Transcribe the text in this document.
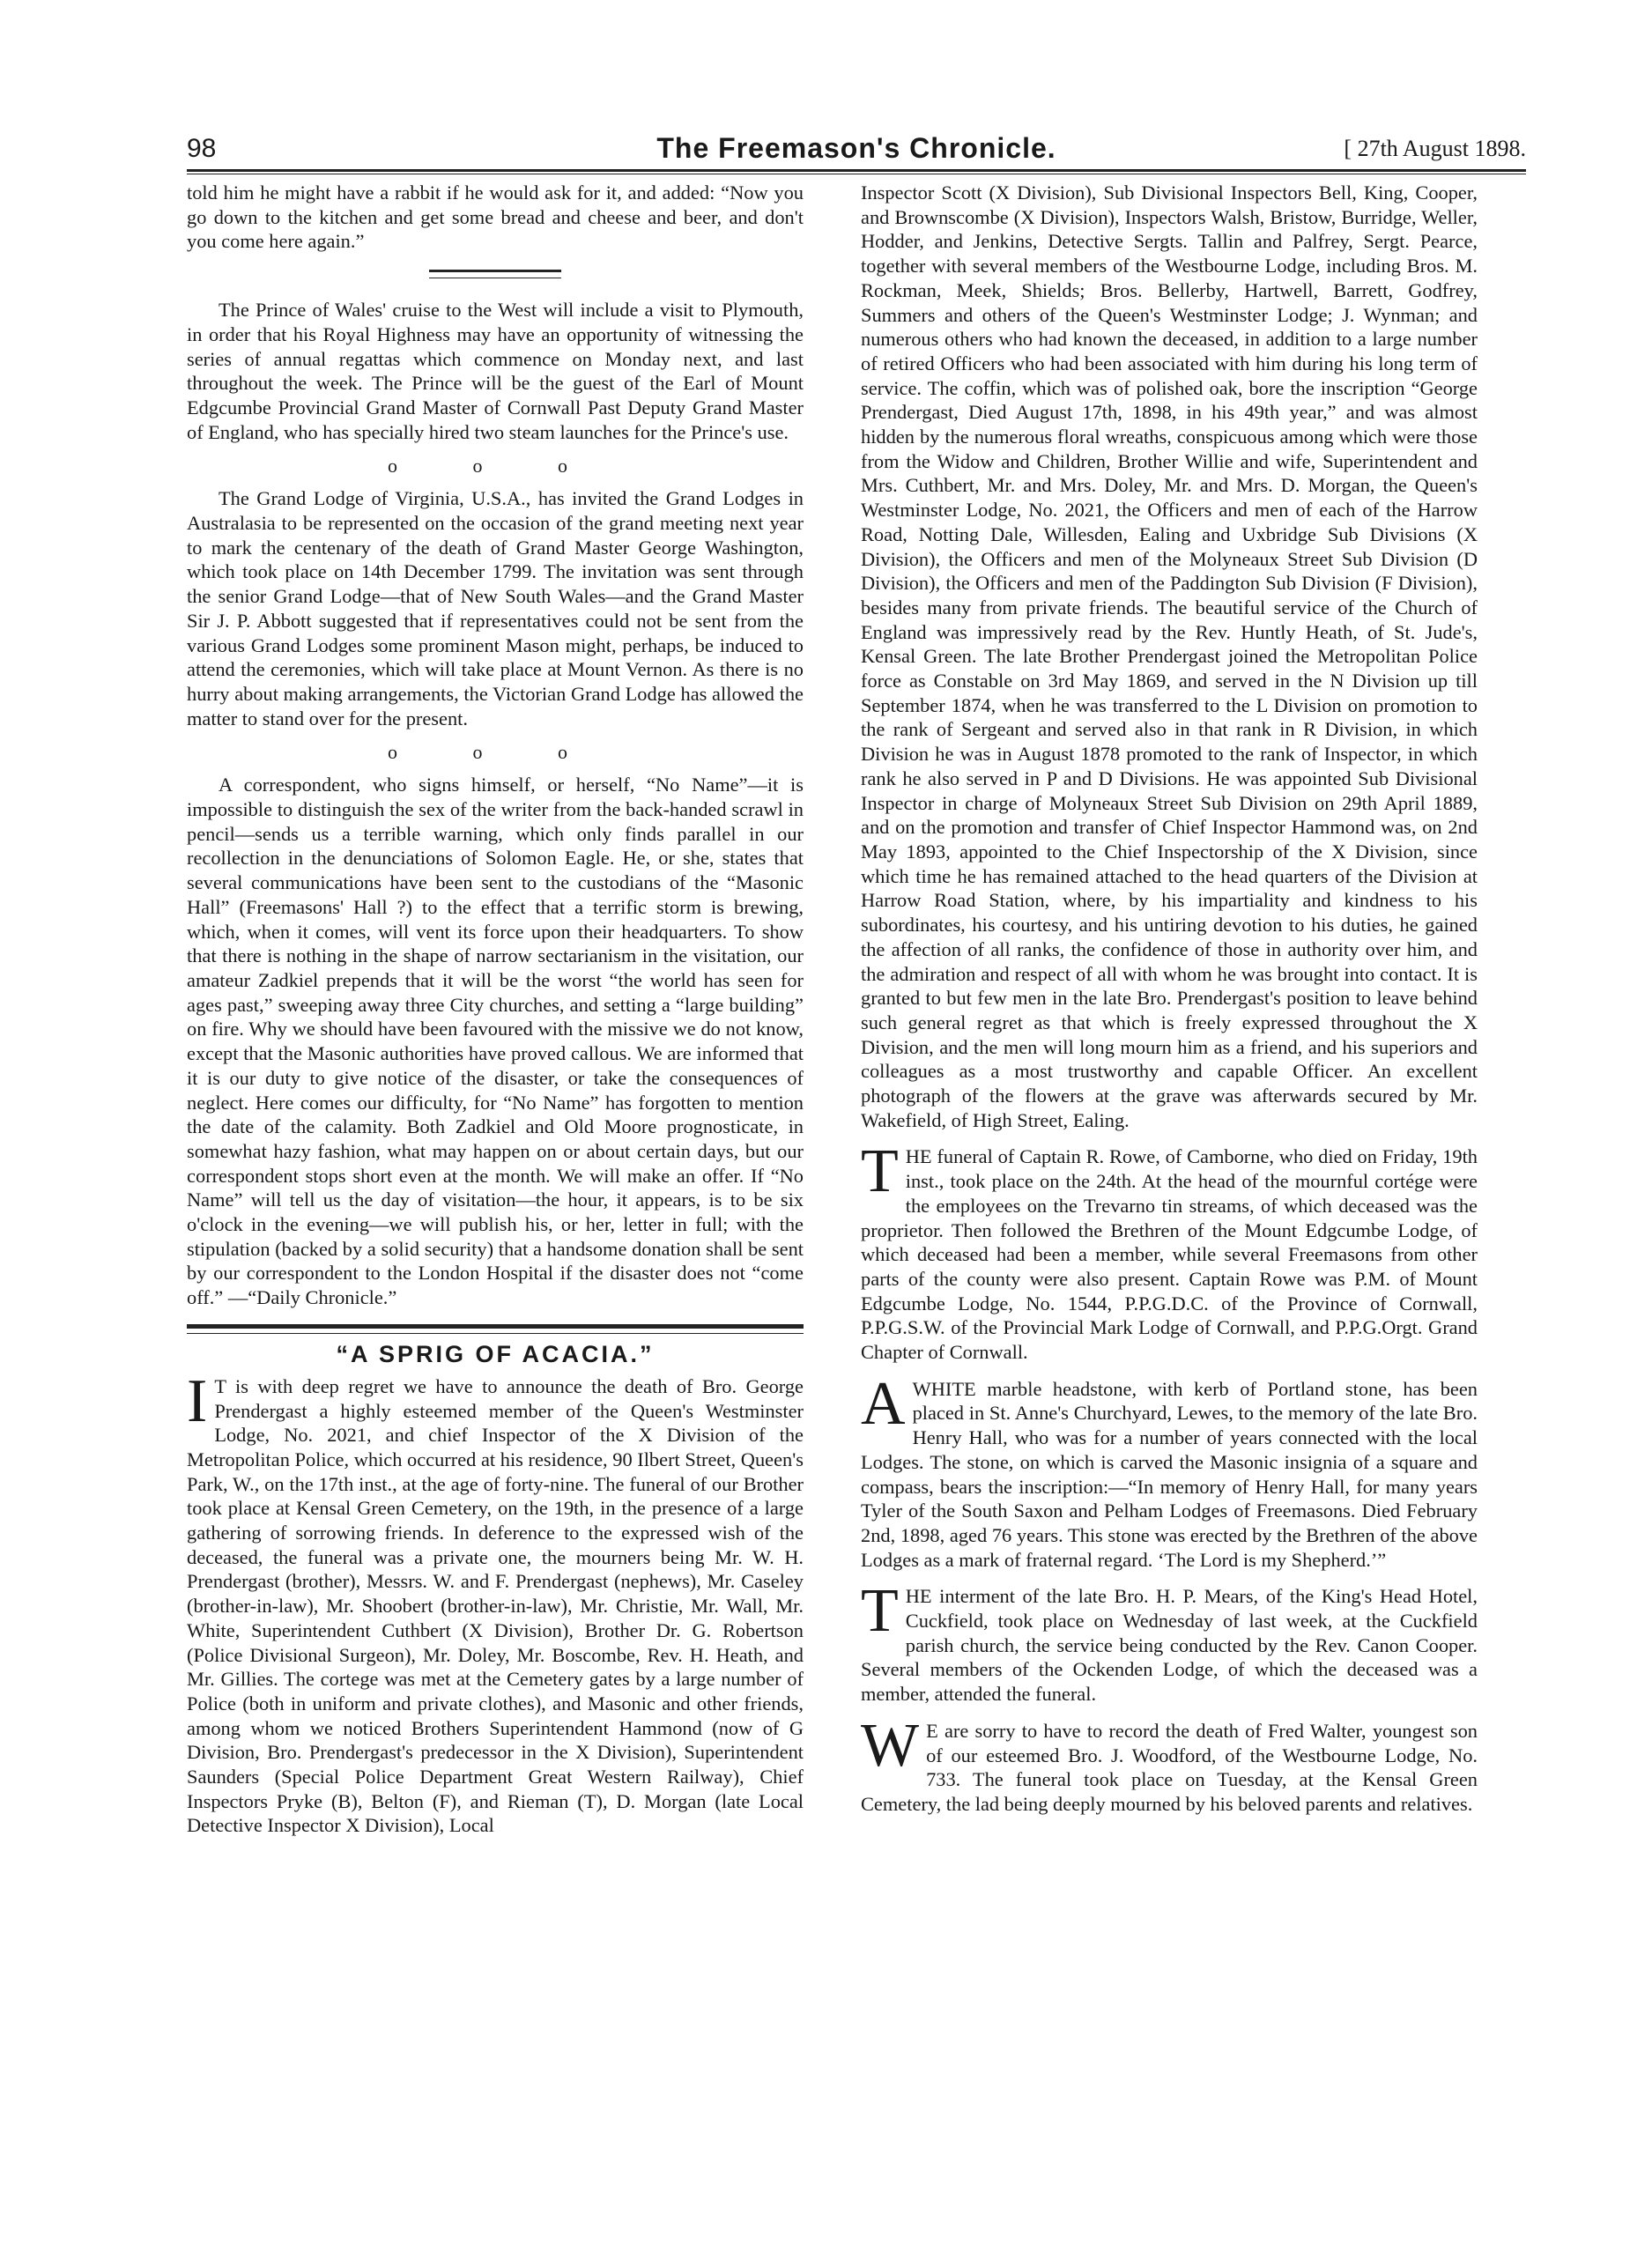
98	The Freemason's Chronicle.	[ 27th August 1898.

told him he might have a rabbit if he would ask for it, and added: “Now you go down to the kitchen and get some bread and cheese and beer, and don't you come here again.”

The Prince of Wales' cruise to the West will include a visit to Plymouth, in order that his Royal Highness may have an opportunity of witnessing the series of annual regattas which commence on Monday next, and last throughout the week. The Prince will be the guest of the Earl of Mount Edgcumbe Provincial Grand Master of Cornwall Past Deputy Grand Master of England, who has specially hired two steam launches for the Prince's use.

o o o

The Grand Lodge of Virginia, U.S.A., has invited the Grand Lodges in Australasia to be represented on the occasion of the grand meeting next year to mark the centenary of the death of Grand Master George Washington, which took place on 14th December 1799. The invitation was sent through the senior Grand Lodge—that of New South Wales—and the Grand Master Sir J. P. Abbott suggested that if representatives could not be sent from the various Grand Lodges some prominent Mason might, perhaps, be induced to attend the ceremonies, which will take place at Mount Vernon. As there is no hurry about making arrangements, the Victorian Grand Lodge has allowed the matter to stand over for the present.

o o o

A correspondent, who signs himself, or herself, “No Name”—it is impossible to distinguish the sex of the writer from the back-handed scrawl in pencil—sends us a terrible warning, which only finds parallel in our recollection in the denunciations of Solomon Eagle. He, or she, states that several communications have been sent to the custodians of the “Masonic Hall” (Freemasons' Hall ?) to the effect that a terrific storm is brewing, which, when it comes, will vent its force upon their headquarters. To show that there is nothing in the shape of narrow sectarianism in the visitation, our amateur Zadkiel prepends that it will be the worst “the world has seen for ages past,” sweeping away three City churches, and setting a “large building” on fire. Why we should have been favoured with the missive we do not know, except that the Masonic authorities have proved callous. We are informed that it is our duty to give notice of the disaster, or take the consequences of neglect. Here comes our difficulty, for “No Name” has forgotten to mention the date of the calamity. Both Zadkiel and Old Moore prognosticate, in somewhat hazy fashion, what may happen on or about certain days, but our correspondent stops short even at the month. We will make an offer. If “No Name” will tell us the day of visitation—the hour, it appears, is to be six o'clock in the evening—we will publish his, or her, letter in full; with the stipulation (backed by a solid security) that a handsome donation shall be sent by our correspondent to the London Hospital if the disaster does not “come off.” —“Daily Chronicle.”

“A SPRIG OF ACACIA.”

I T is with deep regret we have to announce the death of Bro. George Prendergast a highly esteemed member of the Queen's Westminster Lodge, No. 2021, and chief Inspector of the X Division of the Metropolitan Police, which occurred at his residence, 90 Ilbert Street, Queen's Park, W., on the 17th inst., at the age of forty-nine. The funeral of our Brother took place at Kensal Green Cemetery, on the 19th, in the presence of a large gathering of sorrowing friends. In deference to the expressed wish of the deceased, the funeral was a private one, the mourners being Mr. W. H. Prendergast (brother), Messrs. W. and F. Prendergast (nephews), Mr. Caseley (brother-in-law), Mr. Shoobert (brother-in-law), Mr. Christie, Mr. Wall, Mr. White, Superintendent Cuthbert (X Division), Brother Dr. G. Robertson (Police Divisional Surgeon), Mr. Doley, Mr. Boscombe, Rev. H. Heath, and Mr. Gillies. The cortege was met at the Cemetery gates by a large number of Police (both in uniform and private clothes), and Masonic and other friends, among whom we noticed Brothers Superintendent Hammond (now of G Division, Bro. Prendergast's predecessor in the X Division), Superintendent Saunders (Special Police Department Great Western Railway), Chief Inspectors Pryke (B), Belton (F), and Rieman (T), D. Morgan (late Local Detective Inspector X Division), Local

Inspector Scott (X Division), Sub Divisional Inspectors Bell, King, Cooper, and Brownscombe (X Division), Inspectors Walsh, Bristow, Burridge, Weller, Hodder, and Jenkins, Detective Sergts. Tallin and Palfrey, Sergt. Pearce, together with several members of the Westbourne Lodge, including Bros. M. Rockman, Meek, Shields; Bros. Bellerby, Hartwell, Barrett, Godfrey, Summers and others of the Queen's Westminster Lodge; J. Wynman; and numerous others who had known the deceased, in addition to a large number of retired Officers who had been associated with him during his long term of service. The coffin, which was of polished oak, bore the inscription “George Prendergast, Died August 17th, 1898, in his 49th year,” and was almost hidden by the numerous floral wreaths, conspicuous among which were those from the Widow and Children, Brother Willie and wife, Superintendent and Mrs. Cuthbert, Mr. and Mrs. Doley, Mr. and Mrs. D. Morgan, the Queen's Westminster Lodge, No. 2021, the Officers and men of each of the Harrow Road, Notting Dale, Willesden, Ealing and Uxbridge Sub Divisions (X Division), the Officers and men of the Molyneaux Street Sub Division (D Division), the Officers and men of the Paddington Sub Division (F Division), besides many from private friends. The beautiful service of the Church of England was impressively read by the Rev. Huntly Heath, of St. Jude's, Kensal Green. The late Brother Prendergast joined the Metropolitan Police force as Constable on 3rd May 1869, and served in the N Division up till September 1874, when he was transferred to the L Division on promotion to the rank of Sergeant and served also in that rank in R Division, in which Division he was in August 1878 promoted to the rank of Inspector, in which rank he also served in P and D Divisions. He was appointed Sub Divisional Inspector in charge of Molyneaux Street Sub Division on 29th April 1889, and on the promotion and transfer of Chief Inspector Hammond was, on 2nd May 1893, appointed to the Chief Inspectorship of the X Division, since which time he has remained attached to the head quarters of the Division at Harrow Road Station, where, by his impartiality and kindness to his subordinates, his courtesy, and his untiring devotion to his duties, he gained the affection of all ranks, the confidence of those in authority over him, and the admiration and respect of all with whom he was brought into contact. It is granted to but few men in the late Bro. Prendergast's position to leave behind such general regret as that which is freely expressed throughout the X Division, and the men will long mourn him as a friend, and his superiors and colleagues as a most trustworthy and capable Officer. An excellent photograph of the flowers at the grave was afterwards secured by Mr. Wakefield, of High Street, Ealing.

THE funeral of Captain R. Rowe, of Camborne, who died on Friday, 19th inst., took place on the 24th. At the head of the mournful cortége were the employees on the Trevarno tin streams, of which deceased was the proprietor. Then followed the Brethren of the Mount Edgcumbe Lodge, of which deceased had been a member, while several Freemasons from other parts of the county were also present. Captain Rowe was P.M. of Mount Edgcumbe Lodge, No. 1544, P.P.G.D.C. of the Province of Cornwall, P.P.G.S.W. of the Provincial Mark Lodge of Cornwall, and P.P.G.Orgt. Grand Chapter of Cornwall.

AWHITE marble headstone, with kerb of Portland stone, has been placed in St. Anne's Churchyard, Lewes, to the memory of the late Bro. Henry Hall, who was for a number of years connected with the local Lodges. The stone, on which is carved the Masonic insignia of a square and compass, bears the inscription:—“In memory of Henry Hall, for many years Tyler of the South Saxon and Pelham Lodges of Freemasons. Died February 2nd, 1898, aged 76 years. This stone was erected by the Brethren of the above Lodges as a mark of fraternal regard. ‘The Lord is my Shepherd.’”

THE interment of the late Bro. H. P. Mears, of the King's Head Hotel, Cuckfield, took place on Wednesday of last week, at the Cuckfield parish church, the service being conducted by the Rev. Canon Cooper. Several members of the Ockenden Lodge, of which the deceased was a member, attended the funeral.

W E are sorry to have to record the death of Fred Walter, youngest son of our esteemed Bro. J. Woodford, of the Westbourne Lodge, No. 733. The funeral took place on Tuesday, at the Kensal Green Cemetery, the lad being deeply mourned by his beloved parents and relatives.
